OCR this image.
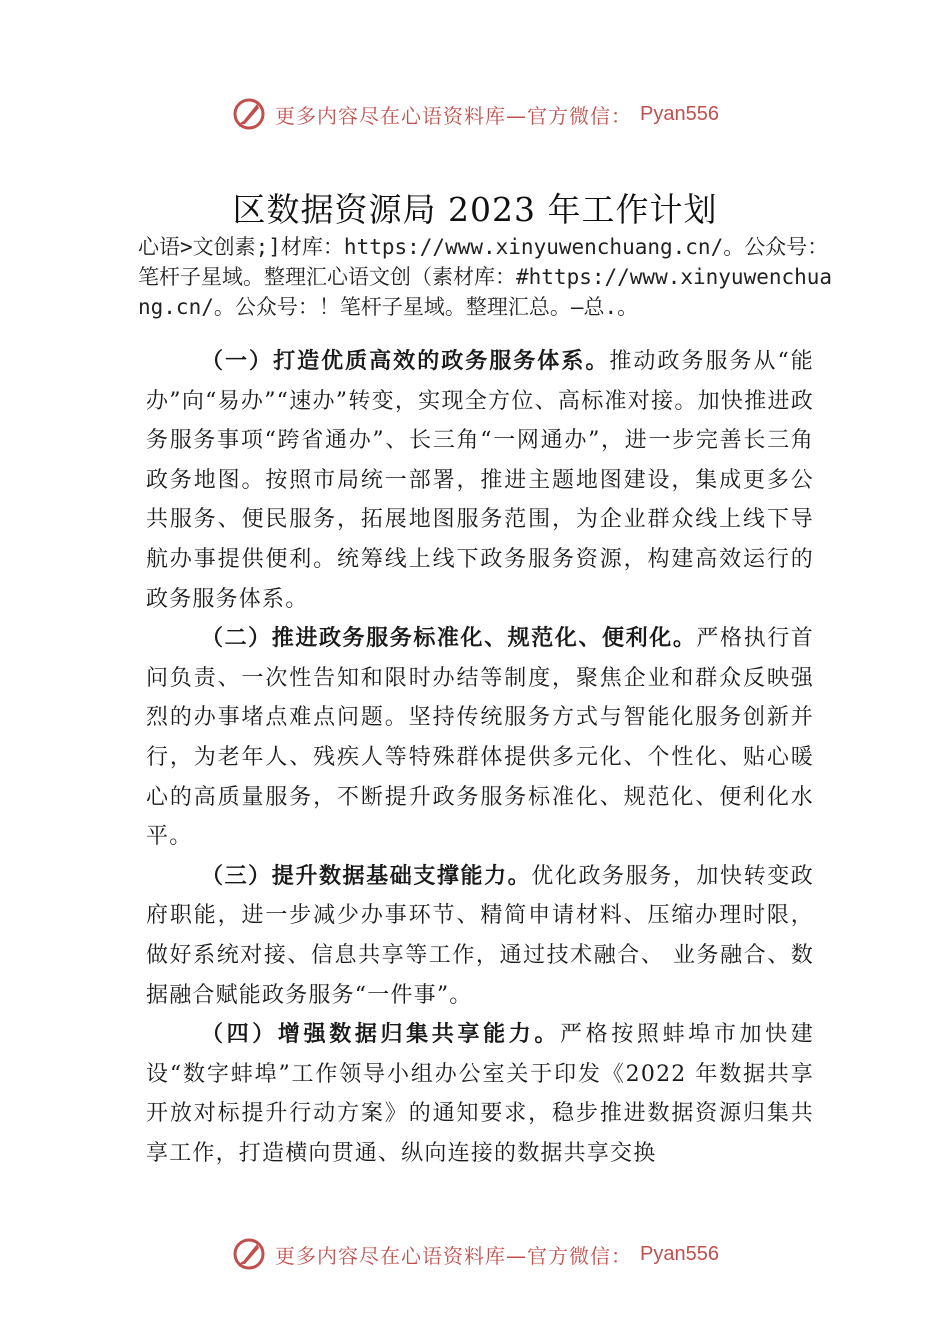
更多内容尽在心语资料库—官方微信： Pyan556
区数据资源局 2023 年工作计划
心语>文创素;]材库：https://www.xinyuwenchuang.cn/。公众号：笔杆子星域。整理汇心语文创（素材库：#https://www.xinyuwenchuang.cn/。公众号：！笔杆子星域。整理汇总。—总.。

（一）打造优质高效的政务服务体系。推动政务服务从“能办”向“易办”“速办”转变，实现全方位、高标准对接。加快推进政务服务事项“跨省通办”、长三角“一网通办”，进一步完善长三角政务地图。按照市局统一部署，推进主题地图建设，集成更多公共服务、便民服务，拓展地图服务范围，为企业群众线上线下导航办事提供便利。统筹线上线下政务服务资源，构建高效运行的政务服务体系。

（二）推进政务服务标准化、规范化、便利化。严格执行首问负责、一次性告知和限时办结等制度，聚焦企业和群众反映强烈的办事堵点难点问题。坚持传统服务方式与智能化服务创新并行，为老年人、残疾人等特殊群体提供多元化、个性化、贴心暖心的高质量服务，不断提升政务服务标准化、规范化、便利化水平。

（三）提升数据基础支撑能力。优化政务服务，加快转变政府职能，进一步减少办事环节、精简申请材料、压缩办理时限，做好系统对接、信息共享等工作，通过技术融合、 业务融合、数据融合赋能政务服务“一件事”。

（四）增强数据归集共享能力。严格按照蚌埠市加快建设“数字蚌埠”工作领导小组办公室关于印发《2022 年数据共享开放对标提升行动方案》的通知要求，稳步推进数据资源归集共享工作，打造横向贯通、纵向连接的数据共享交换

更多内容尽在心语资料库—官方微信： Pyan556
